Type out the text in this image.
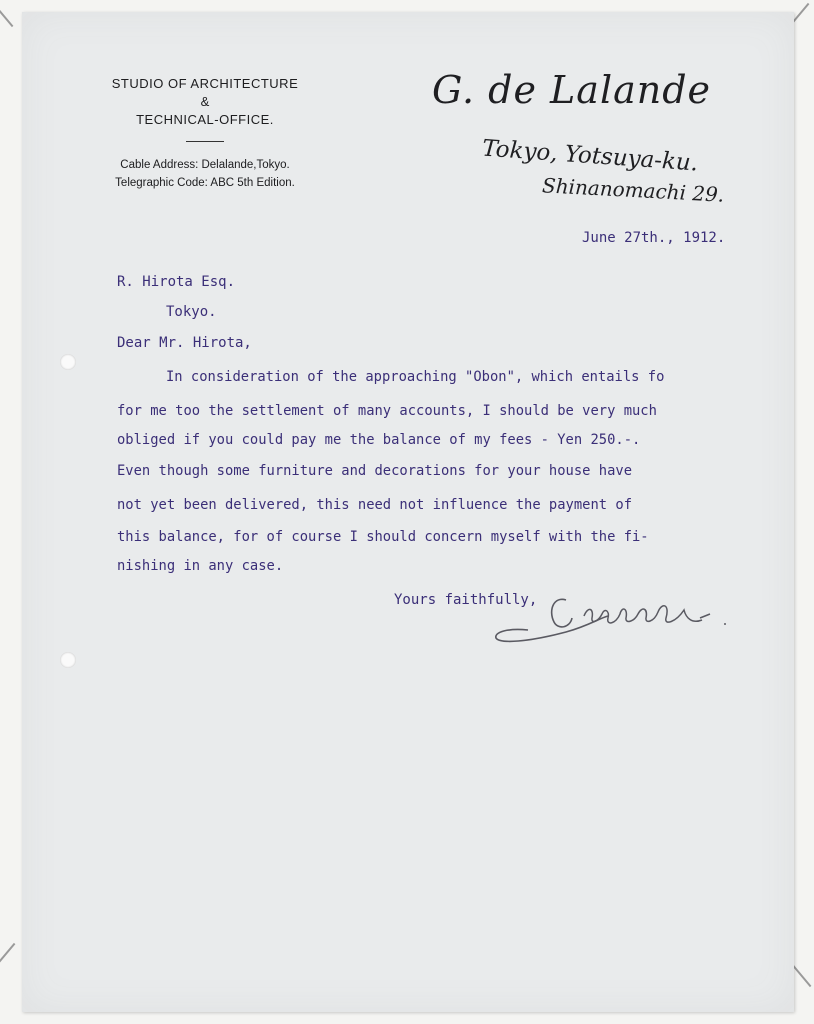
STUDIO OF ARCHITECTURE
&
TECHNICAL-OFFICE.
Cable Address: Delalande,Tokyo.
Telegraphic Code: ABC 5th Edition.
G. de Lalande
Tokyo, Yotsuya-ku.
Shinanomachi 29.
June 27th., 1912.
R. Hirota Esq.
Tokyo.
Dear Mr. Hirota,
In consideration of the approaching "Obon", which entails fo
for me too the settlement of many accounts, I should be very much
obliged if you could pay me the balance of my fees - Yen 250.-.
Even though some furniture and decorations for your house have
not yet been delivered, this need not influence the payment of
this balance, for of course I should concern myself with the fi-
nishing in any case.
Yours faithfully,
